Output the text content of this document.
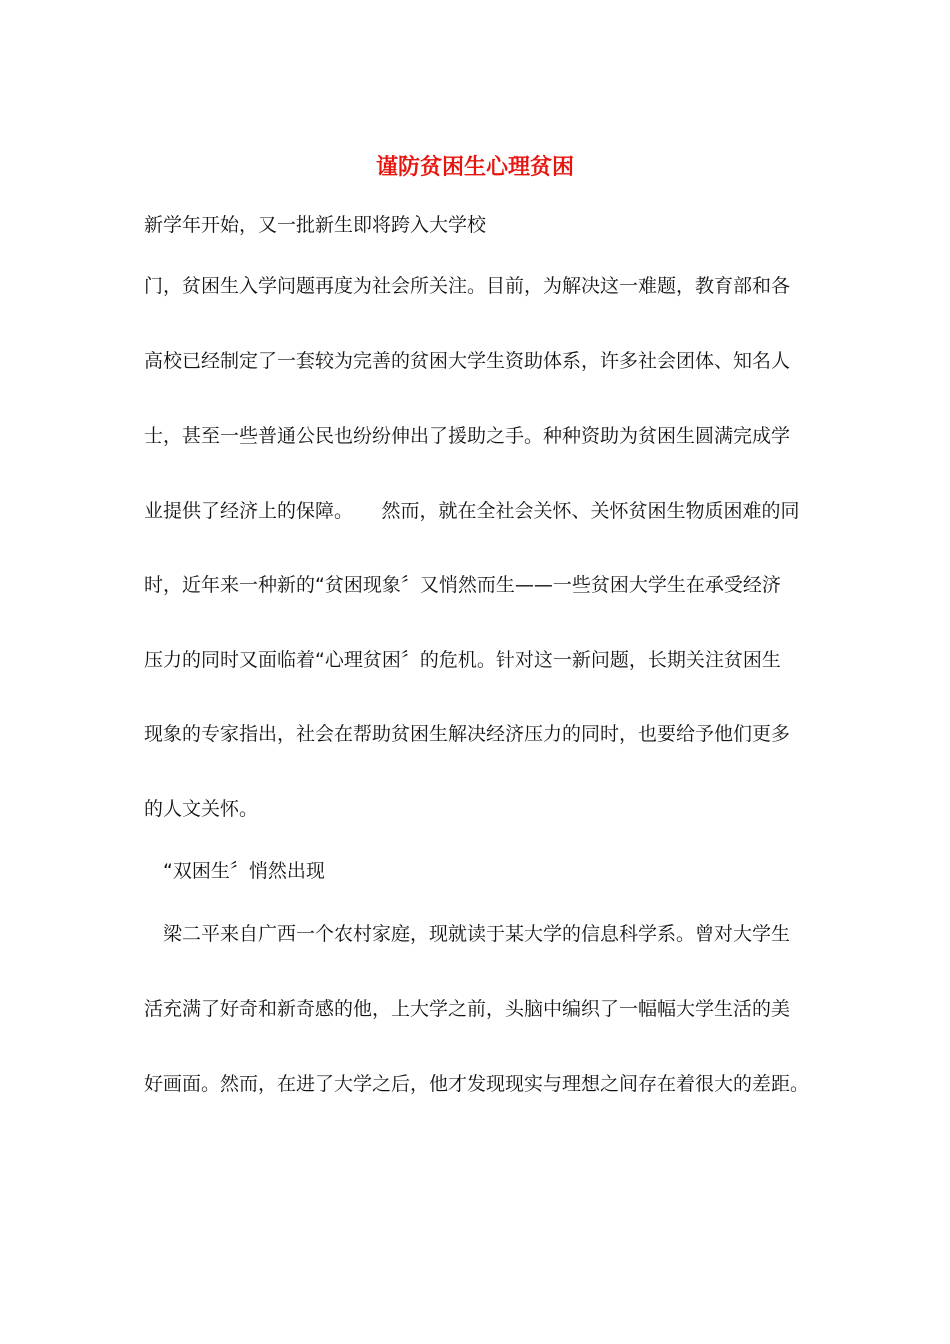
谨防贫困生心理贫困
新学年开始，又一批新生即将跨入大学校
门，贫困生入学问题再度为社会所关注。目前，为解决这一难题，教育部和各
高校已经制定了一套较为完善的贫困大学生资助体系，许多社会团体、知名人
士，甚至一些普通公民也纷纷伸出了援助之手。种种资助为贫困生圆满完成学
业提供了经济上的保障。　　然而，就在全社会关怀、关怀贫困生物质困难的同
时，近年来一种新的“贫困现象〞又悄然而生——一些贫困大学生在承受经济
压力的同时又面临着“心理贫困〞的危机。针对这一新问题，长期关注贫困生
现象的专家指出，社会在帮助贫困生解决经济压力的同时，也要给予他们更多
的人文关怀。
　“双困生〞悄然出现
　梁二平来自广西一个农村家庭，现就读于某大学的信息科学系。曾对大学生
活充满了好奇和新奇感的他，上大学之前，头脑中编织了一幅幅大学生活的美
好画面。然而，在进了大学之后，他才发现现实与理想之间存在着很大的差距。
